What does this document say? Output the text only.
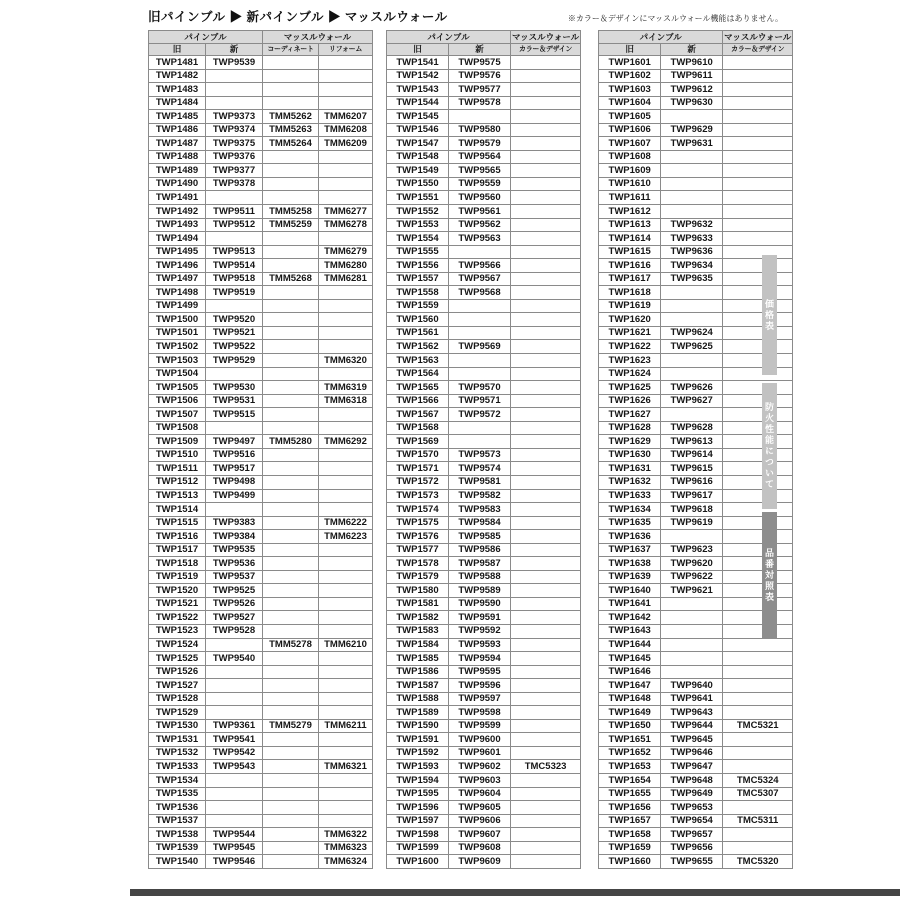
旧パインブル ▶ 新パインブル ▶ マッスルウォール	※カラー＆デザインにマッスルウォール機能はありません。
パインブル		マッスルウォール	
旧	新	コーディネート	リフォーム
TWP1481	TWP9539		
TWP1482			
TWP1483			
TWP1484			
TWP1485	TWP9373	TMM5262	TMM6207
TWP1486	TWP9374	TMM5263	TMM6208
TWP1487	TWP9375	TMM5264	TMM6209
TWP1488	TWP9376		
TWP1489	TWP9377		
TWP1490	TWP9378		
TWP1491			
TWP1492	TWP9511	TMM5258	TMM6277
TWP1493	TWP9512	TMM5259	TMM6278
TWP1494			
TWP1495	TWP9513		TMM6279
TWP1496	TWP9514		TMM6280
TWP1497	TWP9518	TMM5268	TMM6281
TWP1498	TWP9519		
TWP1499			
TWP1500	TWP9520		
TWP1501	TWP9521		
TWP1502	TWP9522		
TWP1503	TWP9529		TMM6320
TWP1504			
TWP1505	TWP9530		TMM6319
TWP1506	TWP9531		TMM6318
TWP1507	TWP9515		
TWP1508			
TWP1509	TWP9497	TMM5280	TMM6292
TWP1510	TWP9516		
TWP1511	TWP9517		
TWP1512	TWP9498		
TWP1513	TWP9499		
TWP1514			
TWP1515	TWP9383		TMM6222
TWP1516	TWP9384		TMM6223
TWP1517	TWP9535		
TWP1518	TWP9536		
TWP1519	TWP9537		
TWP1520	TWP9525		
TWP1521	TWP9526		
TWP1522	TWP9527		
TWP1523	TWP9528		
TWP1524		TMM5278	TMM6210
TWP1525	TWP9540		
TWP1526			
TWP1527			
TWP1528			
TWP1529			
TWP1530	TWP9361	TMM5279	TMM6211
TWP1531	TWP9541		
TWP1532	TWP9542		
TWP1533	TWP9543		TMM6321
TWP1534			
TWP1535			
TWP1536			
TWP1537			
TWP1538	TWP9544		TMM6322
TWP1539	TWP9545		TMM6323
TWP1540	TWP9546		TMM6324
パインブル		マッスルウォール
旧	新	カラー＆デザイン
TWP1541	TWP9575	
TWP1542	TWP9576	
TWP1543	TWP9577	
TWP1544	TWP9578	
TWP1545		
TWP1546	TWP9580	
TWP1547	TWP9579	
TWP1548	TWP9564	
TWP1549	TWP9565	
TWP1550	TWP9559	
TWP1551	TWP9560	
TWP1552	TWP9561	
TWP1553	TWP9562	
TWP1554	TWP9563	
TWP1555		
TWP1556	TWP9566	
TWP1557	TWP9567	
TWP1558	TWP9568	
TWP1559		
TWP1560		
TWP1561		
TWP1562	TWP9569	
TWP1563		
TWP1564		
TWP1565	TWP9570	
TWP1566	TWP9571	
TWP1567	TWP9572	
TWP1568		
TWP1569		
TWP1570	TWP9573	
TWP1571	TWP9574	
TWP1572	TWP9581	
TWP1573	TWP9582	
TWP1574	TWP9583	
TWP1575	TWP9584	
TWP1576	TWP9585	
TWP1577	TWP9586	
TWP1578	TWP9587	
TWP1579	TWP9588	
TWP1580	TWP9589	
TWP1581	TWP9590	
TWP1582	TWP9591	
TWP1583	TWP9592	
TWP1584	TWP9593	
TWP1585	TWP9594	
TWP1586	TWP9595	
TWP1587	TWP9596	
TWP1588	TWP9597	
TWP1589	TWP9598	
TWP1590	TWP9599	
TWP1591	TWP9600	
TWP1592	TWP9601	
TWP1593	TWP9602	TMC5323
TWP1594	TWP9603	
TWP1595	TWP9604	
TWP1596	TWP9605	
TWP1597	TWP9606	
TWP1598	TWP9607	
TWP1599	TWP9608	
TWP1600	TWP9609	
パインブル		マッスルウォール
旧	新	カラー＆デザイン
TWP1601	TWP9610	
TWP1602	TWP9611	
TWP1603	TWP9612	
TWP1604	TWP9630	
TWP1605		
TWP1606	TWP9629	
TWP1607	TWP9631	
TWP1608		
TWP1609		
TWP1610		
TWP1611		
TWP1612		
TWP1613	TWP9632	
TWP1614	TWP9633	
TWP1615	TWP9636	
TWP1616	TWP9634	
TWP1617	TWP9635	
TWP1618		
TWP1619		
TWP1620		
TWP1621	TWP9624	
TWP1622	TWP9625	
TWP1623		
TWP1624		
TWP1625	TWP9626	
TWP1626	TWP9627	
TWP1627		
TWP1628	TWP9628	
TWP1629	TWP9613	
TWP1630	TWP9614	
TWP1631	TWP9615	
TWP1632	TWP9616	
TWP1633	TWP9617	
TWP1634	TWP9618	
TWP1635	TWP9619	
TWP1636		
TWP1637	TWP9623	
TWP1638	TWP9620	
TWP1639	TWP9622	
TWP1640	TWP9621	
TWP1641		
TWP1642		
TWP1643		
TWP1644		
TWP1645		
TWP1646		
TWP1647	TWP9640	
TWP1648	TWP9641	
TWP1649	TWP9643	
TWP1650	TWP9644	TMC5321
TWP1651	TWP9645	
TWP1652	TWP9646	
TWP1653	TWP9647	
TWP1654	TWP9648	TMC5324
TWP1655	TWP9649	TMC5307
TWP1656	TWP9653	
TWP1657	TWP9654	TMC5311
TWP1658	TWP9657	
TWP1659	TWP9656	
TWP1660	TWP9655	TMC5320
価格表
防火性能について
品番対照表
